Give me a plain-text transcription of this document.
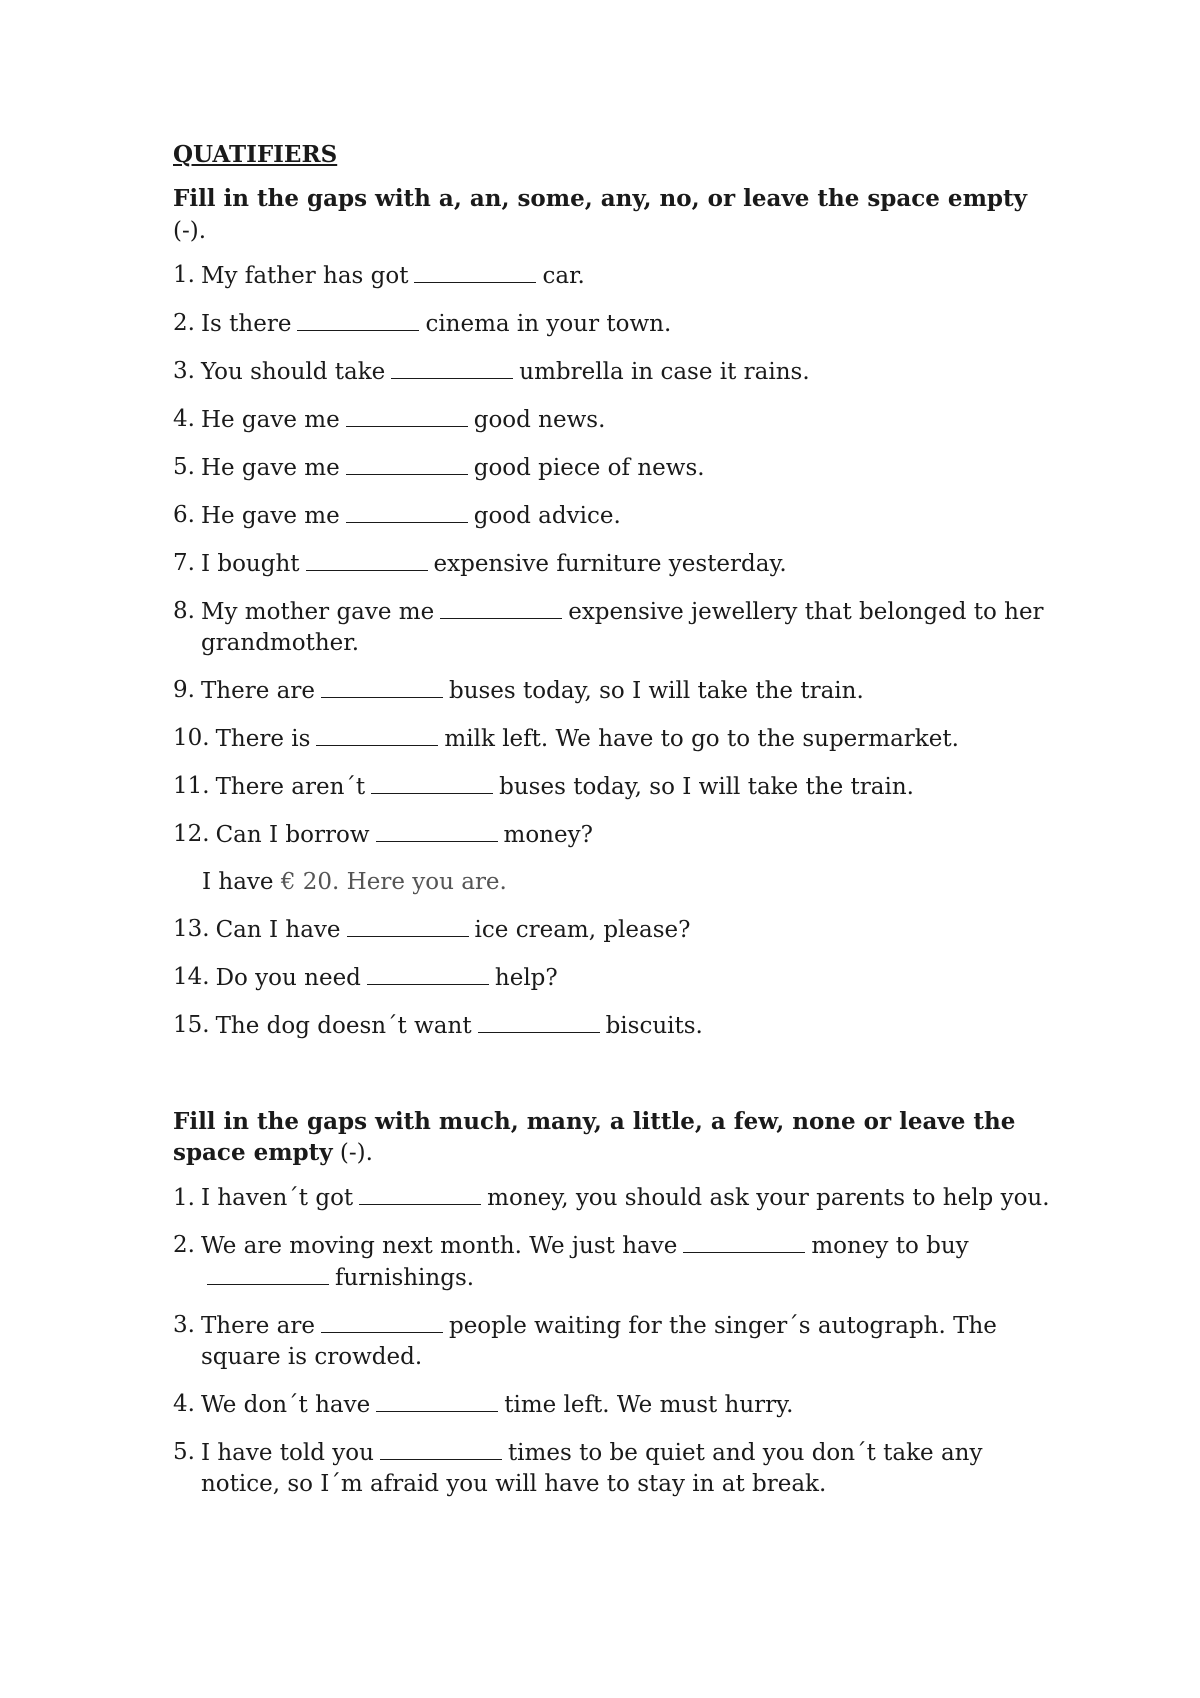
QUATIFIERS
Fill in the gaps with a, an, some, any, no, or leave the space empty (-).
1. My father has got	car.
2. Is there	cinema in your town.
3. You should take	umbrella in case it rains.
4. He gave me	good news.
5. He gave me	good piece of news.
6. He gave me	good advice.
7. I bought	expensive furniture yesterday.
8. My mother gave me	expensive jewellery that belonged to her grandmother.
9. There are	buses today, so I will take the train.
10. There is	milk left. We have to go to the supermarket.
11. There aren´t	buses today, so I will take the train.
12. Can I borrow	money?
I have € 20. Here you are.
13. Can I have	ice cream, please?
14. Do you need	help?
15. The dog doesn´t want	biscuits.
Fill in the gaps with much, many, a little, a few, none or leave the space empty (-).
1. I haven´t got	money, you should ask your parents to help you.
2. We are moving next month. We just have	money to buyfurnishings.
3. There are	people waiting for the singer´s autograph. The square is crowded.
4. We don´t have	time left. We must hurry.
5. I have told you	times to be quiet and you don´t take any notice, so I´m afraid you will have to stay in at break.
